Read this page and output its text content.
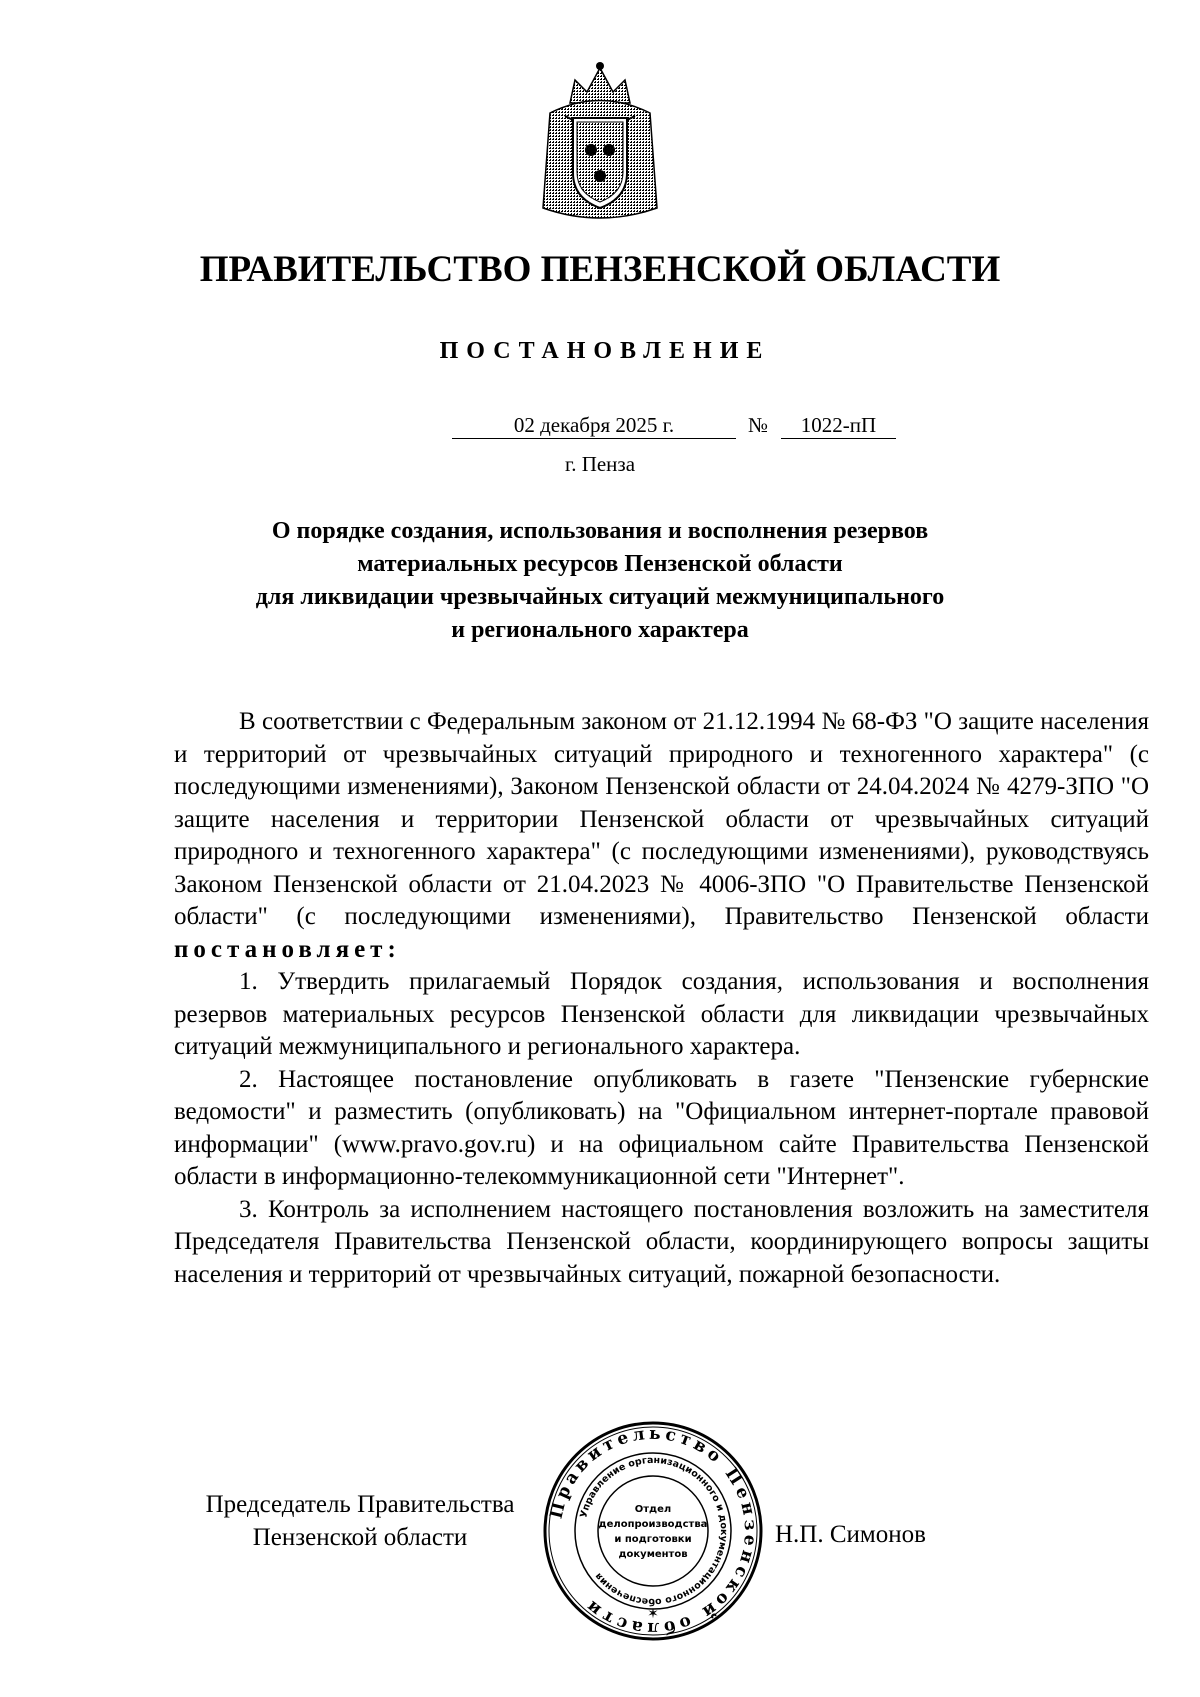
ПРАВИТЕЛЬСТВО ПЕНЗЕНСКОЙ ОБЛАСТИ
ПОСТАНОВЛЕНИЕ
02 декабря 2025 г.	№	1022-пП
г. Пенза
О порядке создания, использования и восполнения резервов
материальных ресурсов Пензенской области
для ликвидации чрезвычайных ситуаций межмуниципального
и регионального характера

В соответствии с Федеральным законом от 21.12.1994 № 68-ФЗ "О защите населения и территорий от чрезвычайных ситуаций природного и техногенного характера" (с последующими изменениями), Законом Пензенской области от 24.04.2024 № 4279-ЗПО "О защите населения и территории Пензенской области от чрезвычайных ситуаций природного и техногенного характера" (с последующими изменениями), руководствуясь Законом Пензенской области от 21.04.2023 № 4006-ЗПО "О Правительстве Пензенской области" (с последующими изменениями), Правительство Пензенской области постановляет:

1. Утвердить прилагаемый Порядок создания, использования и восполнения резервов материальных ресурсов Пензенской области для ликвидации чрезвычайных ситуаций межмуниципального и регионального характера.

2. Настоящее постановление опубликовать в газете "Пензенские губернские ведомости" и разместить (опубликовать) на "Официальном интернет-портале правовой информации" (www.pravo.gov.ru) и на официальном сайте Правительства Пензенской области в информационно-телекоммуникационной сети "Интернет".

3. Контроль за исполнением настоящего постановления возложить на заместителя Председателя Правительства Пензенской области, координирующего вопросы защиты населения и территорий от чрезвычайных ситуаций, пожарной безопасности.

Председатель Правительства
Пензенской области	Н.П. Симонов
Правительство Пензенской области
Управление организационного и документационного обеспечения
Отдел
делопроизводства
и подготовки
документов
✶
